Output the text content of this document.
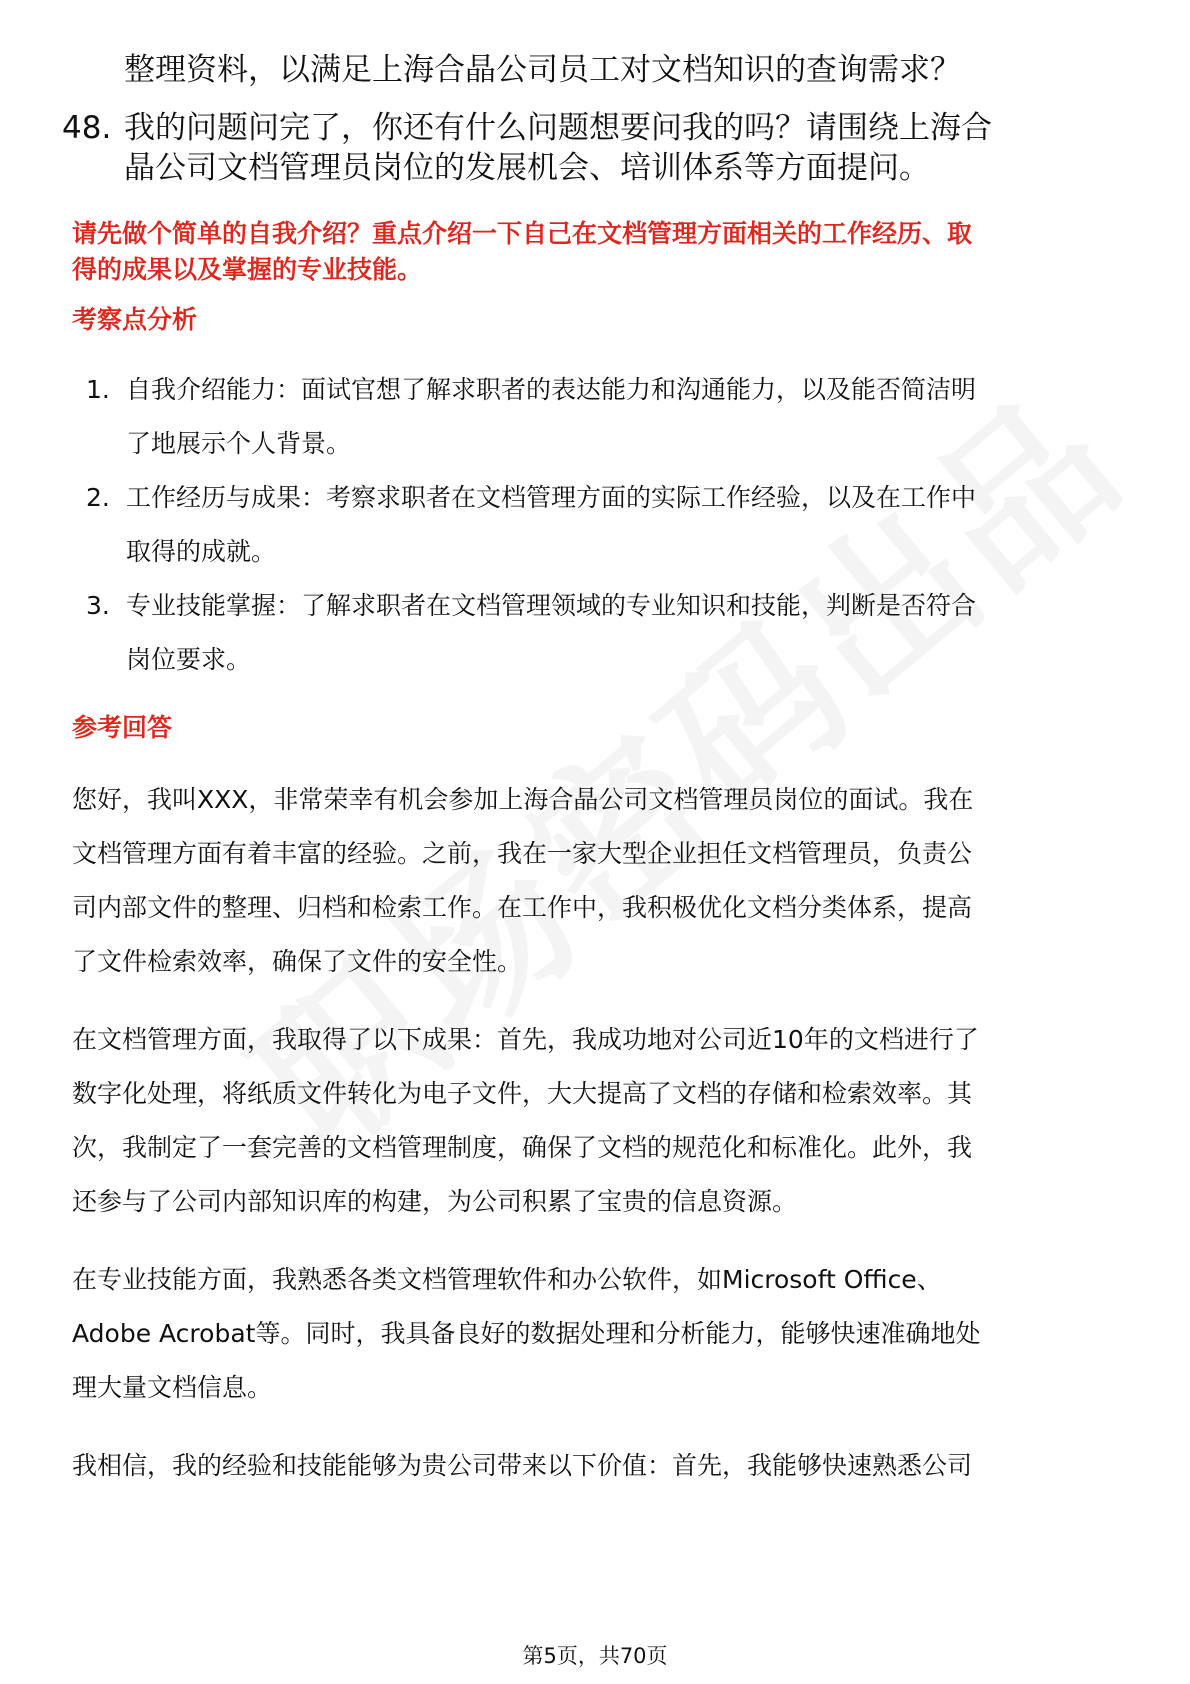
整理资料，以满足上海合晶公司员工对文档知识的查询需求？
48. 我的问题问完了，你还有什么问题想要问我的吗？请围绕上海合
晶公司文档管理员岗位的发展机会、培训体系等方面提问。
请先做个简单的自我介绍？重点介绍一下自己在文档管理方面相关的工作经历、取
得的成果以及掌握的专业技能。
考察点分析
1. 自我介绍能力：面试官想了解求职者的表达能力和沟通能力，以及能否简洁明
了地展示个人背景。
2. 工作经历与成果：考察求职者在文档管理方面的实际工作经验，以及在工作中
取得的成就。
3. 专业技能掌握：了解求职者在文档管理领域的专业知识和技能，判断是否符合
岗位要求。
参考回答
您好，我叫XXX，非常荣幸有机会参加上海合晶公司文档管理员岗位的面试。我在
文档管理方面有着丰富的经验。之前，我在一家大型企业担任文档管理员，负责公
司内部文件的整理、归档和检索工作。在工作中，我积极优化文档分类体系，提高
了文件检索效率，确保了文件的安全性。
在文档管理方面，我取得了以下成果：首先，我成功地对公司近10年的文档进行了
数字化处理，将纸质文件转化为电子文件，大大提高了文档的存储和检索效率。其
次，我制定了一套完善的文档管理制度，确保了文档的规范化和标准化。此外，我
还参与了公司内部知识库的构建，为公司积累了宝贵的信息资源。
在专业技能方面，我熟悉各类文档管理软件和办公软件，如Microsoft Office、
Adobe Acrobat等。同时，我具备良好的数据处理和分析能力，能够快速准确地处
理大量文档信息。
我相信，我的经验和技能能够为贵公司带来以下价值：首先，我能够快速熟悉公司
第5页，共70页
